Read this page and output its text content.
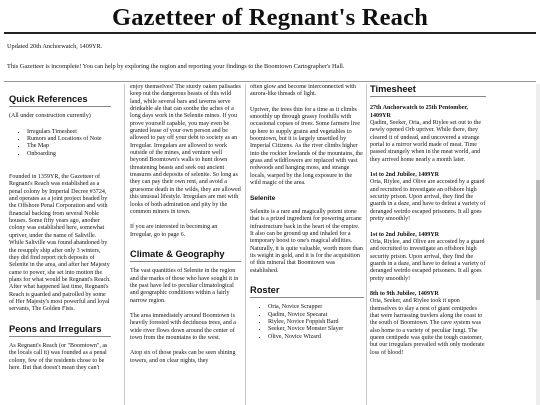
Gazetteer of Regnant's Reach
Updated 20th Anchorwatch, 1409YR.
This Gazetteer is incomplete! You can help by exploring the region and reporting your findings to the Boomtown Cartographer's Hall.
Quick References

(All under construction currently)

• Irregulars Timesheet
• Rumors and Locations of Note
• The Map
• Onboarding

Founded in 1359YR, the Gazetteer of Regnant's Reach was established as a penal colony by Imperial Decree #3724, and operates as a joint project headed by the Offshore Penal Corporation and with financial backing from several Noble houses. Some fifty years ago, another colony was established here, somewhat upriver, under the name of Saltville. While Saltville was found abandoned by the resupply ship after only 3 winters, they did find report rich deposits of Selenite in the area, and after her Majesty came to power, she set into motion the plans for what would be Regnant's Reach. After what happened last time, Regnant's Reach is guarded and patrolled by some of Her Majesty's most powerful and loyal servants, The Golden Fists.

Peons and Irregulars

As Regnant's Reach (or "Boomtown", as the locals call it) was founded as a penal colony, few of the residents chose to be here. But that doesn't mean they can't

enjoy themselves! The sturdy oaken palisades keep out the dangerous beasts of this wild land, while several bars and taverns serve drinkable ale that can soothe the aches of a long days work in the Selenite mines. If you prove yourself capable, you may even be granted lease of your own person and be allowed to pay off your debt to society as an Irregular. Irregulars are allowed to work outside of the mines, and venture well beyond Boomtown's walls to hunt down threatening beasts and seek out ancient treasures and deposits of selenite. So long as they can pay their own rent, and avoid a gruesome death in the wilds, they are allowed this unusual lifestyle. Irregulars are met with looks of both admiration and pity by the common miners in town.

If you are interested in becoming an Irregular, go to page 6.

Climate & Geography

The vast quantities of Selenite in the region and the marks of those who have sought it in the past have led to peculiar climatological and geographic conditions within a fairly narrow region.

The area immediately around Boomtown is heavily forested with deciduous trees, and a wide river flows down around the center of town from the mountains to the west.

Atop six of those peaks can be seen shining towers, and on clear nights, they

often glow and become interconnected with aurora-like threads of light.

Upriver, the trees thin for a time as it climbs smoothly up through grassy foothills with occasional copses of trees. Some farmers live up here to supply grains and vegetables to boomtown, but it is largely unsettled by Imperial Citizens. As the river climbs higher into the rockier lowlands of the mountains, the grass and wildflowers are replaced with vast redwoods and hanging moss, and strange locals, warped by the long exposure to the wild magic of the area.

Selenite

Selenite is a rare and magically potent stone that is a prized ingredient for powering arcane infrastructure back in the heart of the empire. It also can be ground up and inhaled for a temporary boost to one's magical abilities. Naturally, it is quite valuable, worth more than its weight in gold, and it is for the acquisition of this mineral that Boomtown was established.

Roster
• Oria, Novice Scrapper
• Qadim, Novice Specarat
• Riylee, Novice Foppish Bard
• Seeker, Novice Monster Slayer
• Olive, Novice Wizard
Timesheet
27th Anchorwatch to 25th Pentomber, 1409YR

Qadim, Seeker, Oria, and Riylee set out to the newly opened Orb upriver. While there, they cleared it of undead, and uncovered a strange portal to a mirror world made of meat. Time passed strangely when in the meat world, and they arrived home nearly a month later.

1st to 2nd Jubilee, 1409YR

Oria, Riylee, and Olive are accosted by a guard and recruited to investigate an offshore high security prison. Upon arrival, they find the guards in a daze, and have to defeat a variety of deranged weirdo escaped prisoners. It all goes pretty smoothly!

1st to 2nd Jubilee, 1409YR

Oria, Riylee, and Olive are accosted by a guard and recruited to investigate an offshore high security prison. Upon arrival, they find the guards in a daze, and have to defeat a variety of deranged weirdo escaped prisoners. It all goes pretty smoothly!

8th to 9th Jubilee, 1409YR

Oria, Seeker, and Riylee took it upon themselves to slay a nest of giant centipedes that were harrassing travlers along the coast to the south of Boomtown. The cave system was also home to a variety of peculiar fungi. The queen centipede was quite the tough customer, but our irregulars prevailed with only moderate loss of blood!
